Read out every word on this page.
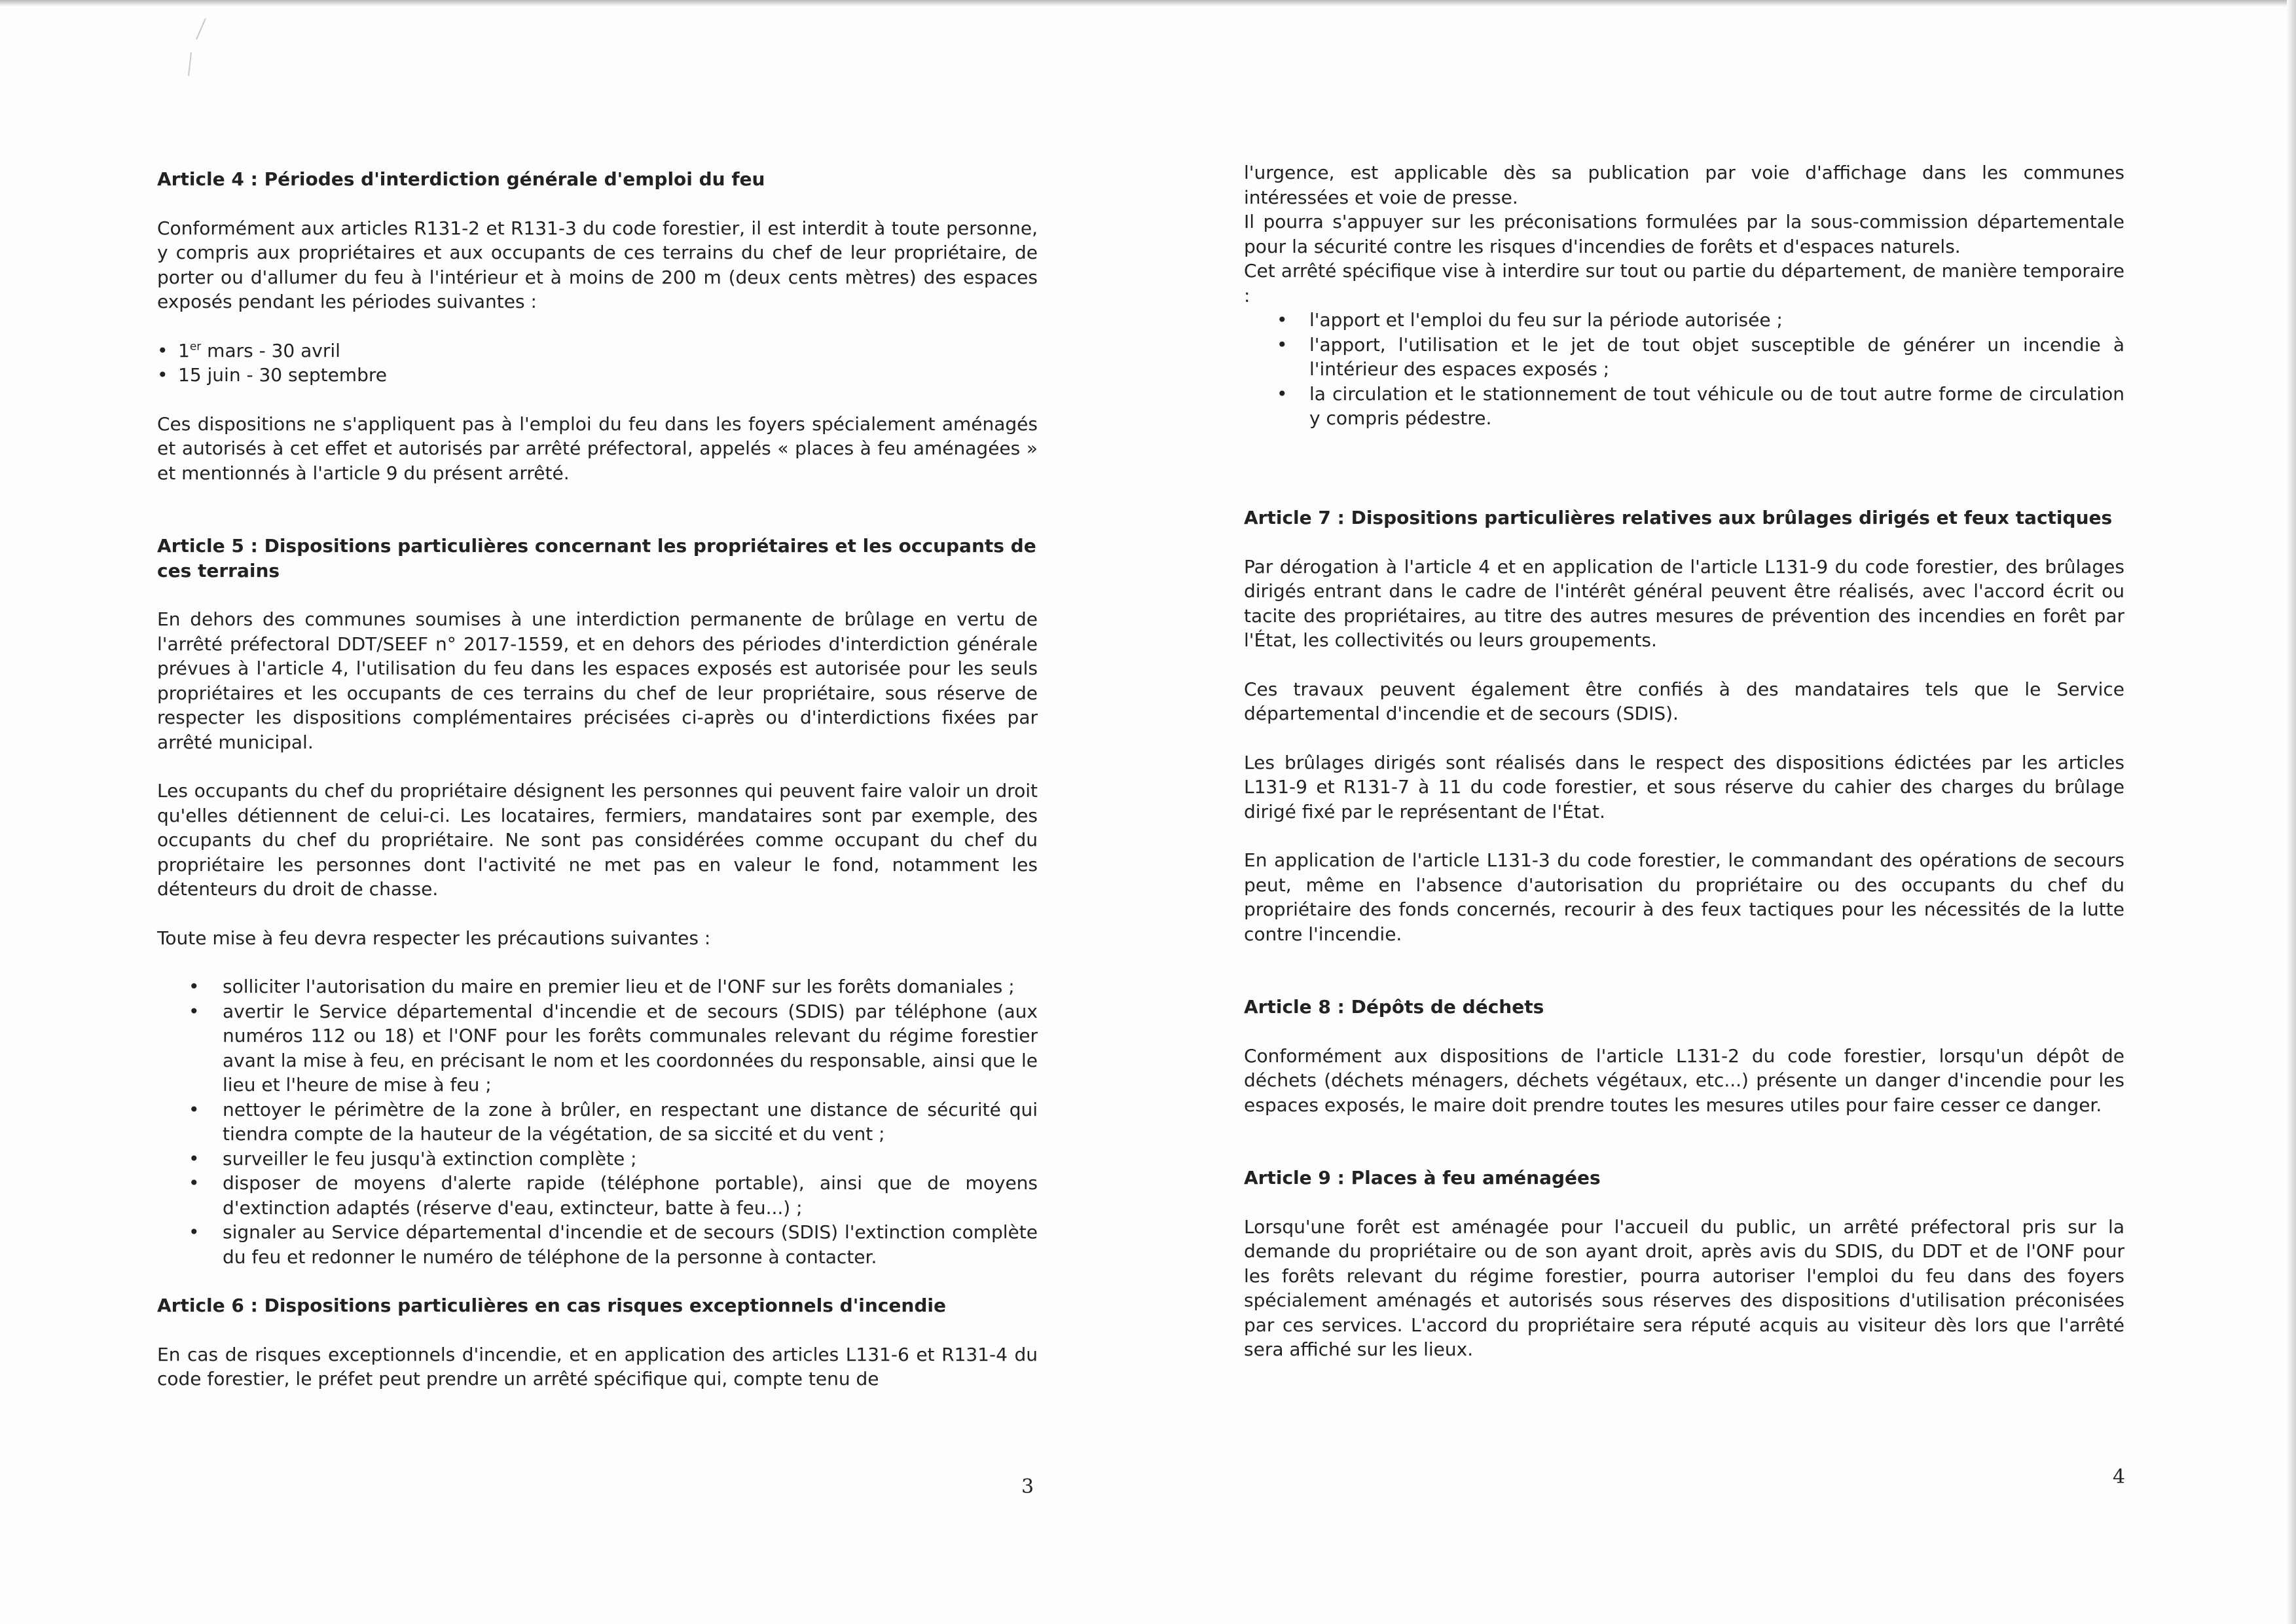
Article 4 : Périodes d'interdiction générale d'emploi du feu

Conformément aux articles R131-2 et R131-3 du code forestier, il est interdit à toute personne, y compris aux propriétaires et aux occupants de ces terrains du chef de leur propriétaire, de porter ou d'allumer du feu à l'intérieur et à moins de 200 m (deux cents mètres) des espaces exposés pendant les périodes suivantes :

• 1er mars - 30 avril
• 15 juin - 30 septembre

Ces dispositions ne s'appliquent pas à l'emploi du feu dans les foyers spécialement aménagés et autorisés à cet effet et autorisés par arrêté préfectoral, appelés « places à feu aménagées » et mentionnés à l'article 9 du présent arrêté.

Article 5 : Dispositions particulières concernant les propriétaires et les occupants de ces terrains

En dehors des communes soumises à une interdiction permanente de brûlage en vertu de l'arrêté préfectoral DDT/SEEF n° 2017-1559, et en dehors des périodes d'interdiction générale prévues à l'article 4, l'utilisation du feu dans les espaces exposés est autorisée pour les seuls propriétaires et les occupants de ces terrains du chef de leur propriétaire, sous réserve de respecter les dispositions complémentaires précisées ci-après ou d'interdictions fixées par arrêté municipal.

Les occupants du chef du propriétaire désignent les personnes qui peuvent faire valoir un droit qu'elles détiennent de celui-ci. Les locataires, fermiers, mandataires sont par exemple, des occupants du chef du propriétaire. Ne sont pas considérées comme occupant du chef du propriétaire les personnes dont l'activité ne met pas en valeur le fond, notamment les détenteurs du droit de chasse.

Toute mise à feu devra respecter les précautions suivantes :

• solliciter l'autorisation du maire en premier lieu et de l'ONF sur les forêts domaniales ;
• avertir le Service départemental d'incendie et de secours (SDIS) par téléphone (aux numéros 112 ou 18) et l'ONF pour les forêts communales relevant du régime forestier avant la mise à feu, en précisant le nom et les coordonnées du responsable, ainsi que le lieu et l'heure de mise à feu ;
• nettoyer le périmètre de la zone à brûler, en respectant une distance de sécurité qui tiendra compte de la hauteur de la végétation, de sa siccité et du vent ;
• surveiller le feu jusqu'à extinction complète ;
• disposer de moyens d'alerte rapide (téléphone portable), ainsi que de moyens d'extinction adaptés (réserve d'eau, extincteur, batte à feu...) ;
• signaler au Service départemental d'incendie et de secours (SDIS) l'extinction complète du feu et redonner le numéro de téléphone de la personne à contacter.
Article 6 : Dispositions particulières en cas risques exceptionnels d'incendie

En cas de risques exceptionnels d'incendie, et en application des articles L131-6 et R131-4 du code forestier, le préfet peut prendre un arrêté spécifique qui, compte tenu de

3

l'urgence, est applicable dès sa publication par voie d'affichage dans les communes intéressées et voie de presse.

Il pourra s'appuyer sur les préconisations formulées par la sous-commission départementale pour la sécurité contre les risques d'incendies de forêts et d'espaces naturels.

Cet arrêté spécifique vise à interdire sur tout ou partie du département, de manière temporaire :

• l'apport et l'emploi du feu sur la période autorisée ;
• l'apport, l'utilisation et le jet de tout objet susceptible de générer un incendie à l'intérieur des espaces exposés ;
• la circulation et le stationnement de tout véhicule ou de tout autre forme de circulation y compris pédestre.
Article 7 : Dispositions particulières relatives aux brûlages dirigés et feux tactiques

Par dérogation à l'article 4 et en application de l'article L131-9 du code forestier, des brûlages dirigés entrant dans le cadre de l'intérêt général peuvent être réalisés, avec l'accord écrit ou tacite des propriétaires, au titre des autres mesures de prévention des incendies en forêt par l'État, les collectivités ou leurs groupements.

Ces travaux peuvent également être confiés à des mandataires tels que le Service départemental d'incendie et de secours (SDIS).

Les brûlages dirigés sont réalisés dans le respect des dispositions édictées par les articles L131-9 et R131-7 à 11 du code forestier, et sous réserve du cahier des charges du brûlage dirigé fixé par le représentant de l'État.

En application de l'article L131-3 du code forestier, le commandant des opérations de secours peut, même en l'absence d'autorisation du propriétaire ou des occupants du chef du propriétaire des fonds concernés, recourir à des feux tactiques pour les nécessités de la lutte contre l'incendie.

Article 8 : Dépôts de déchets

Conformément aux dispositions de l'article L131-2 du code forestier, lorsqu'un dépôt de déchets (déchets ménagers, déchets végétaux, etc...) présente un danger d'incendie pour les espaces exposés, le maire doit prendre toutes les mesures utiles pour faire cesser ce danger.

Article 9 : Places à feu aménagées

Lorsqu'une forêt est aménagée pour l'accueil du public, un arrêté préfectoral pris sur la demande du propriétaire ou de son ayant droit, après avis du SDIS, du DDT et de l'ONF pour les forêts relevant du régime forestier, pourra autoriser l'emploi du feu dans des foyers spécialement aménagés et autorisés sous réserves des dispositions d'utilisation préconisées par ces services. L'accord du propriétaire sera réputé acquis au visiteur dès lors que l'arrêté sera affiché sur les lieux.

4
